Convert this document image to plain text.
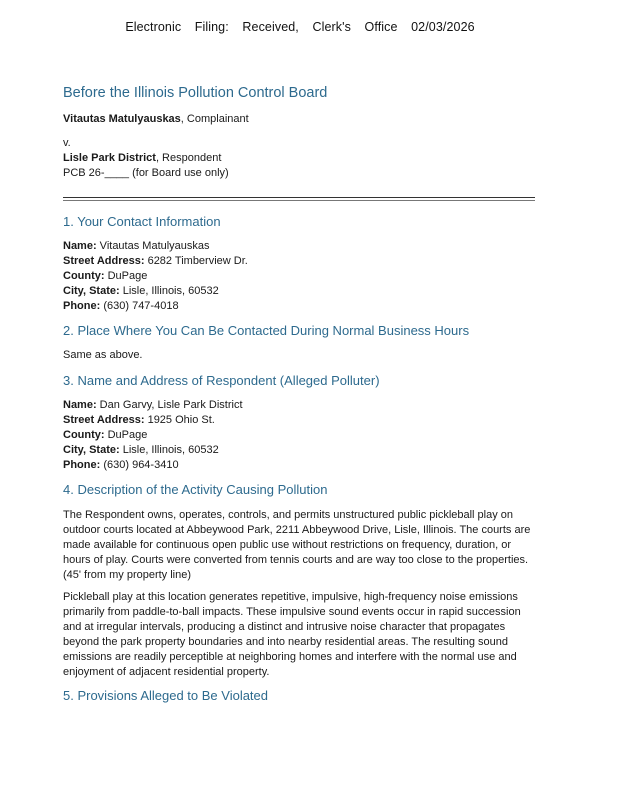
Electronic Filing: Received, Clerk's Office 02/03/2026
Before the Illinois Pollution Control Board
Vitautas Matulyauskas, Complainant
v.
Lisle Park District, Respondent
PCB 26-____ (for Board use only)
1. Your Contact Information
Name: Vitautas Matulyauskas
Street Address: 6282 Timberview Dr.
County: DuPage
City, State: Lisle, Illinois, 60532
Phone: (630) 747-4018
2. Place Where You Can Be Contacted During Normal Business Hours
Same as above.
3. Name and Address of Respondent (Alleged Polluter)
Name: Dan Garvy, Lisle Park District
Street Address: 1925 Ohio St.
County: DuPage
City, State: Lisle, Illinois, 60532
Phone: (630) 964-3410
4. Description of the Activity Causing Pollution
The Respondent owns, operates, controls, and permits unstructured public pickleball play on outdoor courts located at Abbeywood Park, 2211 Abbeywood Drive, Lisle, Illinois. The courts are made available for continuous open public use without restrictions on frequency, duration, or hours of play. Courts were converted from tennis courts and are way too close to the properties. (45' from my property line)
Pickleball play at this location generates repetitive, impulsive, high-frequency noise emissions primarily from paddle-to-ball impacts. These impulsive sound events occur in rapid succession and at irregular intervals, producing a distinct and intrusive noise character that propagates beyond the park property boundaries and into nearby residential areas. The resulting sound emissions are readily perceptible at neighboring homes and interfere with the normal use and enjoyment of adjacent residential property.
5. Provisions Alleged to Be Violated
